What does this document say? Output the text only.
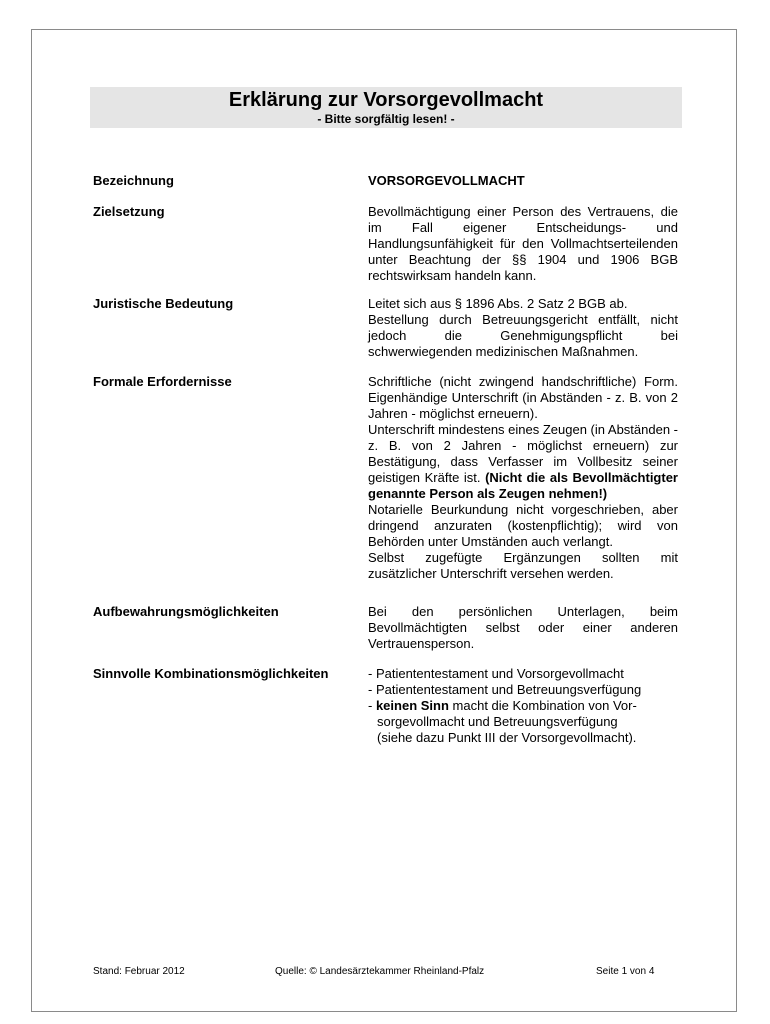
Erklärung zur Vorsorgevollmacht
- Bitte sorgfältig lesen! -
Bezeichnung	VORSORGEVOLLMACHT
Zielsetzung	Bevollmächtigung einer Person des Vertrauens, die im Fall eigener Entscheidungs- und Handlungsunfähigkeit für den Vollmachtserteilenden unter Beachtung der §§ 1904 und 1906 BGB rechtswirksam handeln kann.
Juristische Bedeutung	Leitet sich aus § 1896 Abs. 2 Satz 2 BGB ab.
Bestellung durch Betreuungsgericht entfällt, nicht jedoch die Genehmigungspflicht bei schwerwiegenden medizinischen Maßnahmen.
Formale Erfordernisse	Schriftliche (nicht zwingend handschriftliche) Form. Eigenhändige Unterschrift (in Abständen - z. B. von 2 Jahren - möglichst erneuern).
Unterschrift mindestens eines Zeugen (in Abständen - z. B. von 2 Jahren - möglichst erneuern) zur Bestätigung, dass Verfasser im Vollbesitz seiner geistigen Kräfte ist. (Nicht die als Bevollmächtigter genannte Person als Zeugen nehmen!)
Notarielle Beurkundung nicht vorgeschrieben, aber dringend anzuraten (kostenpflichtig); wird von Behörden unter Umständen auch verlangt.
Selbst zugefügte Ergänzungen sollten mit zusätzlicher Unterschrift versehen werden.
Aufbewahrungsmöglichkeiten	Bei den persönlichen Unterlagen, beim Bevollmächtigten selbst oder einer anderen Vertrauensperson.
Sinnvolle Kombinationsmöglichkeiten	- Patiententestament und Vorsorgevollmacht
- Patiententestament und Betreuungsverfügung
- keinen Sinn macht die Kombination von Vor-
sorgevollmacht und Betreuungsverfügung
(siehe dazu Punkt III der Vorsorgevollmacht).
Stand: Februar 2012	Quelle: © Landesärztekammer Rheinland-Pfalz	Seite 1 von 4
